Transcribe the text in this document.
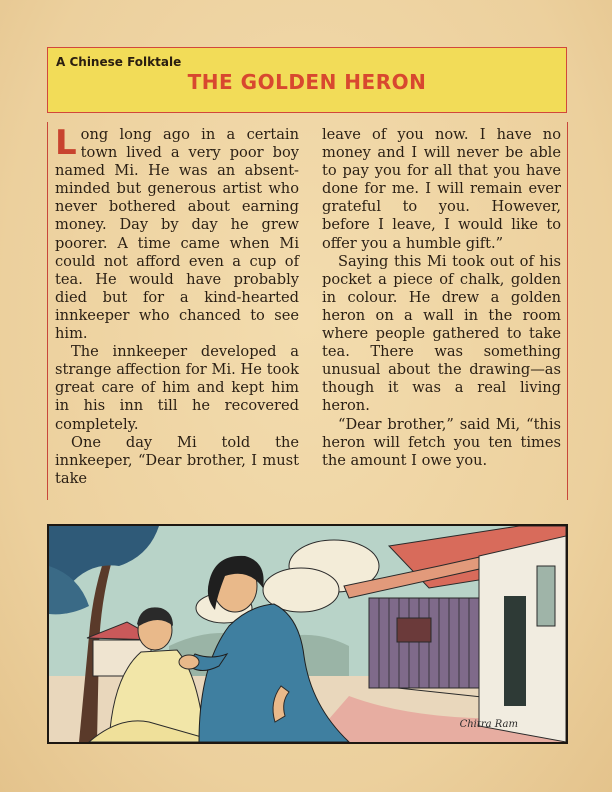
A Chinese Folktale
THE GOLDEN HERON

Long long ago in a certain town lived a very poor boy named Mi. He was an absent-minded but generous artist who never bothered about earning money. Day by day he grew poorer. A time came when Mi could not afford even a cup of tea. He would have probably died but for a kind-hearted innkeeper who chanced to see him.

The innkeeper developed a strange affection for Mi. He took great care of him and kept him in his inn till he recovered completely.

One day Mi told the innkeeper, “Dear brother, I must take

leave of you now. I have no money and I will never be able to pay you for all that you have done for me. I will remain ever grateful to you. However, before I leave, I would like to offer you a humble gift.”

Saying this Mi took out of his pocket a piece of chalk, golden in colour. He drew a golden heron on a wall in the room where people gathered to take tea. There was something unusual about the drawing—as though it was a real living heron.

“Dear brother,” said Mi, “this heron will fetch you ten times the amount I owe you.

Chitra Ram
